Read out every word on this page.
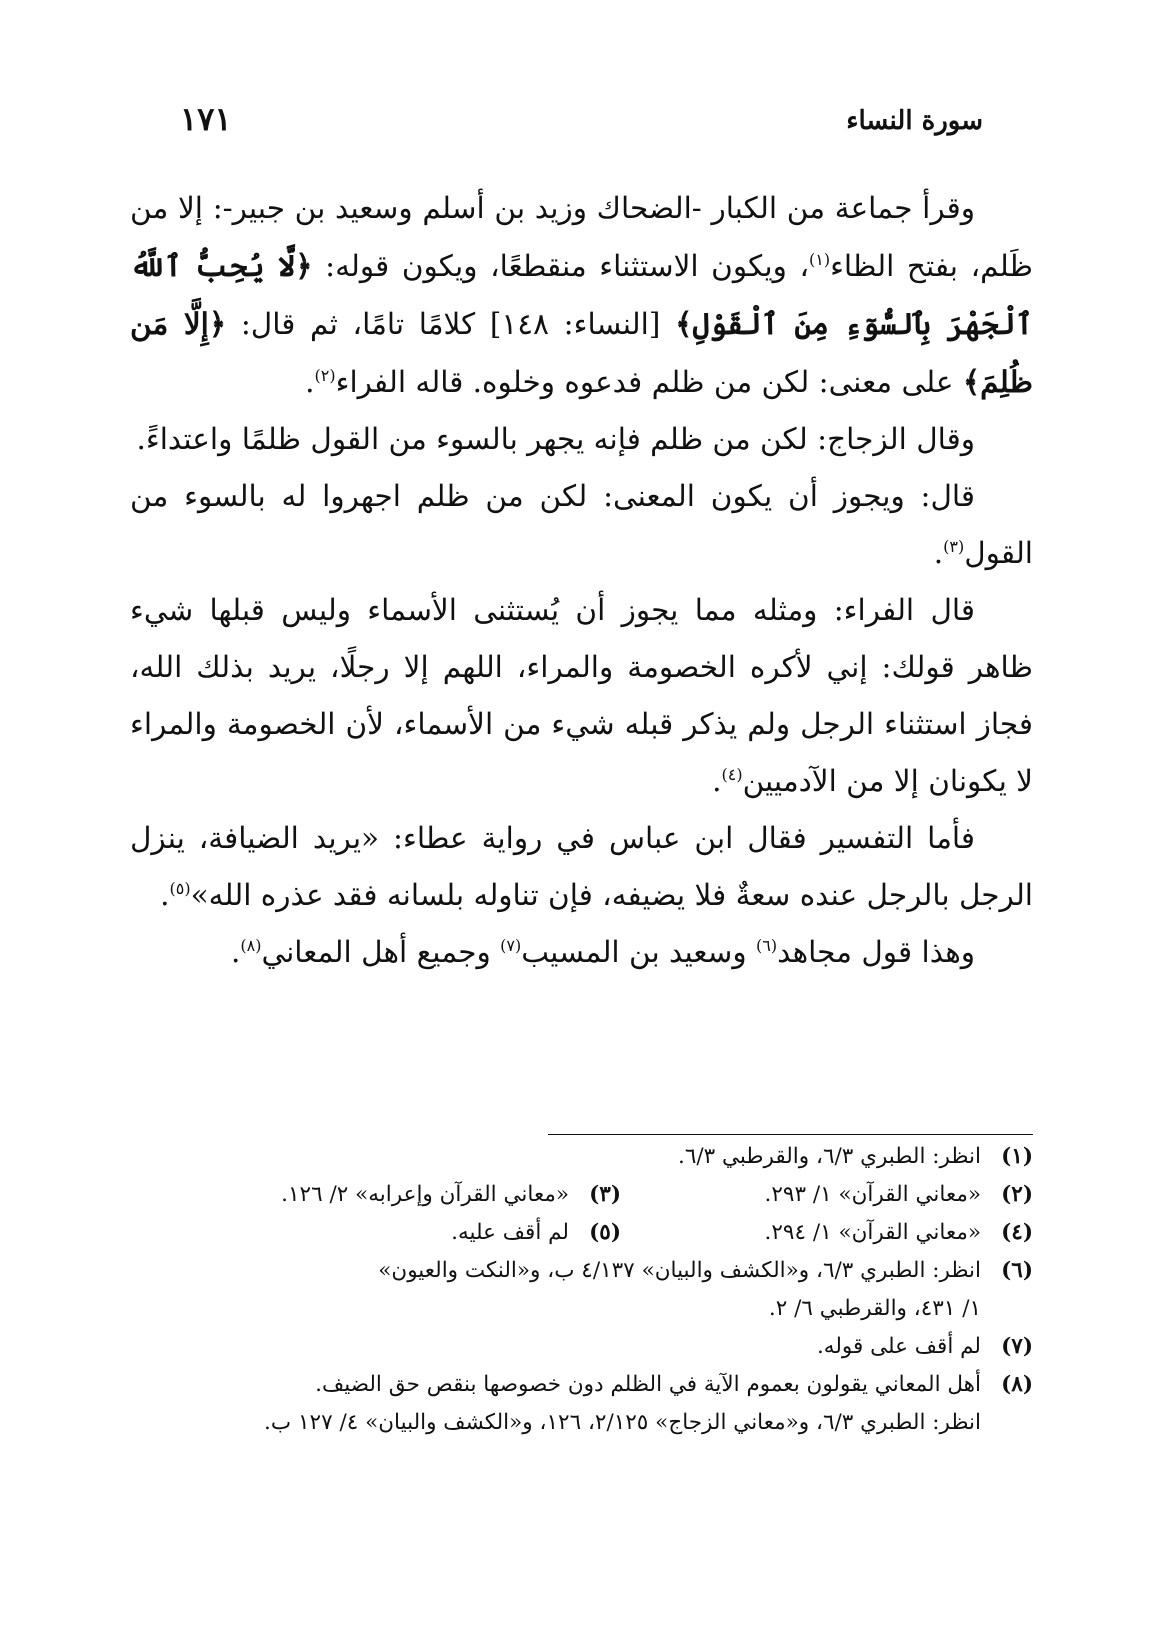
سورة النساء
١٧١

وقرأ جماعة من الكبار -الضحاك وزيد بن أسلم وسعيد بن جبير-: إلا من ظَلم، بفتح الظاء$^{(١)}$، ويكون الاستثناء منقطعًا، ويكون قوله: ﴿لَّا يُحِبُّ ٱللَّهُ ٱلْجَهْرَ بِٱلسُّوٓءِ مِنَ ٱلْقَوْلِ﴾ [النساء: ١٤٨] كلامًا تامًا، ثم قال: ﴿إِلَّا مَن ظُلِمَ﴾ على معنى: لكن من ظلم فدعوه وخلوه. قاله الفراء$^{(٢)}$.

وقال الزجاج: لكن من ظلم فإنه يجهر بالسوء من القول ظلمًا واعتداءً.

قال: ويجوز أن يكون المعنى: لكن من ظلم اجهروا له بالسوء من القول$^{(٣)}$.

قال الفراء: ومثله مما يجوز أن يُستثنى الأسماء وليس قبلها شيء ظاهر قولك: إني لأكره الخصومة والمراء، اللهم إلا رجلًا، يريد بذلك الله، فجاز استثناء الرجل ولم يذكر قبله شيء من الأسماء، لأن الخصومة والمراء لا يكونان إلا من الآدميين$^{(٤)}$.

فأما التفسير فقال ابن عباس في رواية عطاء: «يريد الضيافة، ينزل الرجل بالرجل عنده سعةٌ فلا يضيفه، فإن تناوله بلسانه فقد عذره الله»$^{(٥)}$.

وهذا قول مجاهد$^{(٦)}$ وسعيد بن المسيب$^{(٧)}$ وجميع أهل المعاني$^{(٨)}$.

(١)
انظر: الطبري ٦/٣، والقرطبي ٦/٣.
(٢)
«معاني القرآن» ١/ ٢٩٣.
(٣)
«معاني القرآن وإعرابه» ٢/ ١٢٦.
(٤)
«معاني القرآن» ١/ ٢٩٤.
(٥)
لم أقف عليه.
(٦)
انظر: الطبري ٦/٣، و«الكشف والبيان» ٤/١٣٧ ب، و«النكت والعيون»
١/ ٤٣١، والقرطبي ٦/ ٢.
(٧)
لم أقف على قوله.
(٨)
أهل المعاني يقولون بعموم الآية في الظلم دون خصوصها بنقص حق الضيف.
انظر: الطبري ٦/٣، و«معاني الزجاج» ٢/١٢٥، ١٢٦، و«الكشف والبيان» ٤/ ١٢٧ ب.
